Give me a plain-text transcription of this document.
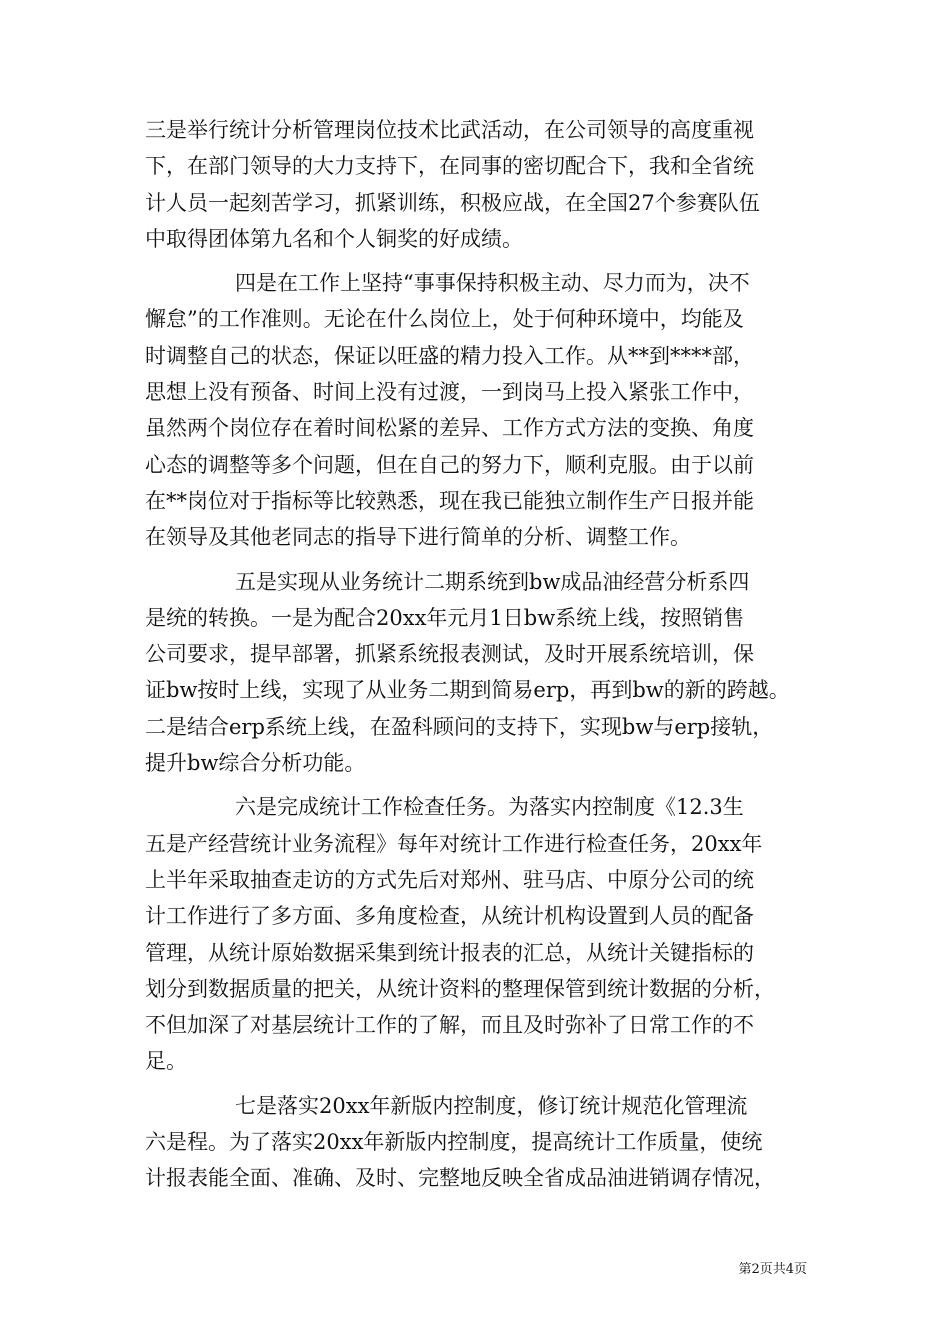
三是举行统计分析管理岗位技术比武活动，在公司领导的高度重视
下，在部门领导的大力支持下，在同事的密切配合下，我和全省统
计人员一起刻苦学习，抓紧训练，积极应战，在全国27个参赛队伍
中取得团体第九名和个人铜奖的好成绩。

四是在工作上坚持“事事保持积极主动、尽力而为，决不
懈怠”的工作准则。无论在什么岗位上，处于何种环境中，均能及
时调整自己的状态，保证以旺盛的精力投入工作。从**到****部，
思想上没有预备、时间上没有过渡，一到岗马上投入紧张工作中，
虽然两个岗位存在着时间松紧的差异、工作方式方法的变换、角度
心态的调整等多个问题，但在自己的努力下，顺利克服。由于以前
在**岗位对于指标等比较熟悉，现在我已能独立制作生产日报并能
在领导及其他老同志的指导下进行简单的分析、调整工作。

五是实现从业务统计二期系统到bw成品油经营分析系四
是统的转换。一是为配合20xx年元月1日bw系统上线，按照销售
公司要求，提早部署，抓紧系统报表测试，及时开展系统培训，保
证bw按时上线，实现了从业务二期到简易erp，再到bw的新的跨越。
二是结合erp系统上线，在盈科顾问的支持下，实现bw与erp接轨，
提升bw综合分析功能。

六是完成统计工作检查任务。为落实内控制度《12.3生
五是产经营统计业务流程》每年对统计工作进行检查任务，20xx年
上半年采取抽查走访的方式先后对郑州、驻马店、中原分公司的统
计工作进行了多方面、多角度检查，从统计机构设置到人员的配备
管理，从统计原始数据采集到统计报表的汇总，从统计关键指标的
划分到数据质量的把关，从统计资料的整理保管到统计数据的分析，
不但加深了对基层统计工作的了解，而且及时弥补了日常工作的不
足。

七是落实20xx年新版内控制度，修订统计规范化管理流
六是程。为了落实20xx年新版内控制度，提高统计工作质量，使统
计报表能全面、准确、及时、完整地反映全省成品油进销调存情况，

第2页共4页
